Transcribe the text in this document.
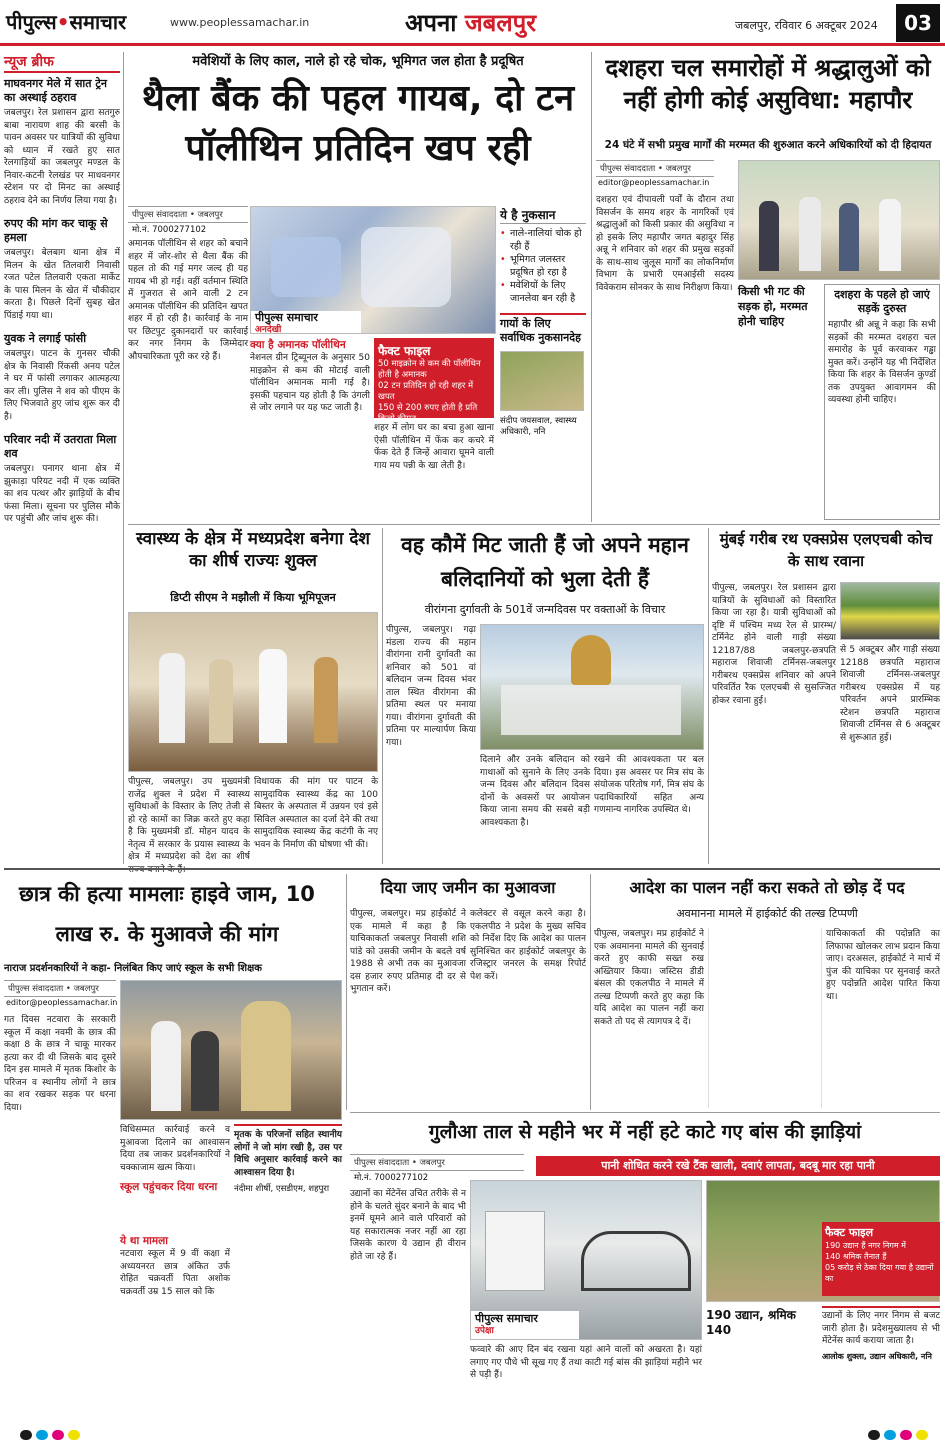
पीपुल्स•समाचार	www.peoplessamachar.in	अपना जबलपुर	जबलपुर, रविवार 6 अक्टूबर 2024	03
न्यूज ब्रीफ
माघवनगर मेले में सात ट्रेन का अस्थाई ठहराव
जबलपुर। रेल प्रशासन द्वारा सतगुरु बाबा नारायण शाह की बरसी के पावन अवसर पर यात्रियों की सुविधा को ध्यान में रखते हुए सात रेलगाड़ियों का जबलपुर मण्डल के निवार-कटनी रेलखंड पर माधवनगर स्टेशन पर दो मिनट का अस्थाई ठहराव देने का निर्णय लिया गया है।
रुपए की मांग कर चाकू से हमला
जबलपुर। बेलबाग थाना क्षेत्र में मिलन के खेत तिलवारी निवासी रजत पटेल तिलवारी एकता मार्केट के पास मिलन के खेत में चौकीदार करता है। पिछले दिनों सुबह खेत पिंडाई गया था।
युवक ने लगाई फांसी
जबलपुर। पाटन के गुनसर चौकी क्षेत्र के निवासी रिंकसी अनय पटेल ने घर में फांसी लगाकर आत्महत्या कर ली। पुलिस ने शव को पीएम के लिए भिजवाते हुए जांच शुरू कर दी है।
परिवार नदी में उतराता मिला शव
जबलपुर। पनागर थाना क्षेत्र में झुकाड़ा परियट नदी में एक व्यक्ति का शव पत्थर और झाड़ियों के बीच फंसा मिला। सूचना पर पुलिस मौके पर पहुंची और जांच शुरू की।
मवेशियों के लिए काल, नाले हो रहे चोक, भूमिगत जल होता है प्रदूषित
थैला बैंक की पहल गायब, दो टन पॉलीथिन प्रतिदिन खप रही
पीपुल्स संवाददाता • जबलपुर
मो.नं. 7000277102
पीपुल्स समाचार
अनदेखी
अमानक पॉलीथिन से शहर को बचाने शहर में जोर-शोर से थैला बैंक की पहल तो की गई मगर जल्द ही यह गायब भी हो गई। वहीं वर्तमान स्थिति में गुजरात से आने वाली 2 टन अमानक पॉलीथिन की प्रतिदिन खपत शहर में हो रही है। कार्रवाई के नाम पर छिटपुट दुकानदारों पर कार्रवाई कर नगर निगम के जिम्मेदार औपचारिकता पूरी कर रहे हैं।
क्या है अमानक पॉलीथिन
नेशनल ग्रीन ट्रिब्यूनल के अनुसार 50 माइक्रोन से कम की मोटाई वाली पॉलीथिन अमानक मानी गई है। इसकी पहचान यह होती है कि उंगली से जोर लगाने पर यह फट जाती है।
फैक्ट फाइल
50 माइक्रोन से कम की पॉलीथिन होती है अमानक
02 टन प्रतिदिन हो रही शहर में खपत
150 से 200 रुपए होती है प्रति किलो कीमत
शहर में लोग घर का बचा हुआ खाना ऐसी पॉलीथिन में फेंक कर कचरे में फेंक देते हैं जिन्हें आवारा घूमने वाली गाय मय पन्नी के खा लेती है।
ये है नुकसान
• नाले-नालियां चोक हो रही हैं
• भूमिगत जलस्तर प्रदूषित हो रहा है
• मवेशियों के लिए जानलेवा बन रही है
गायों के लिए सर्वाधिक नुकसानदेह
संदीप जयसवाल, स्वास्थ्य अधिकारी, ननि
दशहरा चल समारोहों में श्रद्धालुओं को नहीं होगी कोई असुविधा: महापौर
24 घंटे में सभी प्रमुख मार्गों की मरम्मत की शुरुआत करने अधिकारियों को दी हिदायत
पीपुल्स संवाददाता • जबलपुर
editor@peoplessamachar.in
दशहरा एवं दीपावली पर्वों के दौरान तथा विसर्जन के समय शहर के नागरिकों एवं श्रद्धालुओं को किसी प्रकार की असुविधा न हो इसके लिए महापौर जगत बहादुर सिंह अन्नू ने शनिवार को शहर की प्रमुख सड़कों के साथ-साथ जुलूस मार्गों का लोकनिर्माण विभाग के प्रभारी एमआईसी सदस्य विवेकराम सोनकर के साथ निरीक्षण किया। किसी भी गट की सड़क हो, मरम्मत होनी चाहिए
दशहरा के पहले हो जाएं सड़कें दुरुस्त
महापौर श्री अन्नू ने कहा कि सभी सड़कों की मरम्मत दशहरा चल समारोह के पूर्व करवाकर गड्ढा मुक्त करें। उन्होंने यह भी निर्देशित किया कि शहर के विसर्जन कुण्डों तक उपयुक्त आवागमन की व्यवस्था होनी चाहिए।
स्वास्थ्य के क्षेत्र में मध्यप्रदेश बनेगा देश का शीर्ष राज्यः शुक्ल
डिप्टी सीएम ने मझौली में किया भूमिपूजन
पीपुल्स, जबलपुर। उप मुख्यमंत्री राजेंद्र शुक्ल ने प्रदेश में स्वास्थ्य सुविधाओं के विस्तार के लिए तेजी से हो रहे कामों का जिक्र करते हुए कहा है कि मुख्यमंत्री डॉ. मोहन यादव के नेतृत्व में सरकार के प्रयास स्वास्थ्य के क्षेत्र में मध्यप्रदेश को देश का शीर्ष
विधायक की मांग पर पाटन के सामुदायिक स्वास्थ्य केंद्र का 100 बिस्तर के अस्पताल में उन्नयन एवं इसे सिविल अस्पताल का दर्जा देने की तथा सामुदायिक स्वास्थ्य केंद्र कटंगी के नए भवन के निर्माण की घोषणा भी की।
वह कौमें मिट जाती हैं जो अपने महान बलिदानियों को भुला देती हैं
वीरांगना दुर्गावती के 501वें जन्मदिवस पर वक्ताओं के विचार
पीपुल्स, जबलपुर। गढ़ा मंडला राज्य की महान वीरांगना रानी दुर्गावती का शनिवार को 501 वां बलिदान जन्म दिवस भंवर ताल स्थित वीरांगना की प्रतिमा स्थल पर मनाया गया। वीरांगना दुर्गावती की प्रतिमा पर माल्यार्पण किया गया।
दिलाने और उनके बलिदान को गाथाओं को सुनाने के लिए उनके जन्म दिवस और बलिदान दिवस दोनों के अवसरों पर आयोजन किया जाना समय की सबसे बड़ी आवश्यकता है।
रखने की आवश्यकता पर बल दिया। इस अवसर पर मित्र संघ के संयोजक परितोष गर्ग, मित्र संघ के पदाधिकारियों सहित अन्य गणमान्य नागरिक उपस्थित थे।
मुंबई गरीब रथ एक्सप्रेस एलएचबी कोच के साथ रवाना
पीपुल्स, जबलपुर। रेल प्रशासन द्वारा यात्रियों के सुविधाओं को विस्तारित किया जा रहा है। यात्री सुविधाओं को दृष्टि में पश्चिम मध्य रेल से प्रारम्भ/टर्मिनेट होने वाली गाड़ी संख्या 12187/88 जबलपुर-छत्रपति महाराज शिवाजी टर्मिनस-जबलपुर गरीबरथ एक्सप्रेस शनिवार को अपने परिवर्तित रैक एलएचबी से सुसज्जित होकर रवाना हुई।
से 5 अक्टूबर और गाड़ी संख्या 12188 छत्रपति महाराज शिवाजी टर्मिनस-जबलपुर गरीबरथ एक्सप्रेस में यह परिवर्तन अपने प्रारम्भिक स्टेशन छत्रपति महाराज शिवाजी टर्मिनस से 6 अक्टूबर से शुरूआत हुई।
छात्र की हत्या मामलाः हाइवे जाम, 10 लाख रु. के मुआवजे की मांग
नाराज प्रदर्शनकारियों ने कहा- निलंबित किए जाएं स्कूल के सभी शिक्षक
पीपुल्स संवाददाता • जबलपुर
editor@peoplessamachar.in
गत दिवस नटवारा के सरकारी स्कूल में कक्षा नवमी के छात्र की कक्षा 8 के छात्र ने चाकू मारकर हत्या कर दी थी जिसके बाद दूसरे दिन इस मामले में मृतक किशोर के परिजन व स्थानीय लोगों ने छात्र का शव रखकर सड़क पर धरना दिया।
विधिसम्मत कार्रवाई करने व मुआवजा दिलाने का आश्वासन दिया तब जाकर प्रदर्शनकारियों ने चक्काजाम खत्म किया।
स्कूल पहुंचकर दिया धरना
ये था मामला
नटवारा स्कूल में 9 वीं कक्षा में अध्ययनरत छात्र अंकित उर्फ रोहित चक्रवर्ती पिता अशोक चक्रवर्ती उम्र 15 साल को कि
मृतक के परिजनों सहित स्थानीय लोगों ने जो मांग रखी है, उस पर विधि अनुसार कार्रवाई करने का आश्वासन दिया है।
नंदीमा शीर्षी, एसडीएम, शहपुरा
दिया जाए जमीन का मुआवजा
पीपुल्स, जबलपुर। मप्र हाईकोर्ट ने एक मामले में कहा है कि याचिकाकर्ता जबलपुर निवासी शशि पांडे को उसकी जमीन के बदले वर्ष 1988 से अभी तक का मुआवजा दस हजार रुपए प्रतिमाह दी दर से भुगतान करें।
कलेक्टर से वसूल करने कहा है। एकलपीठ ने प्रदेश के मुख्य सचिव को निर्देश दिए कि आदेश का पालन सुनिश्चित कर हाईकोर्ट जबलपुर के रजिस्ट्रार जनरल के समक्ष रिपोर्ट पेश करें।
आदेश का पालन नहीं करा सकते तो छोड़ दें पद
अवमानना मामले में हाईकोर्ट की तल्ख टिप्पणी
पीपुल्स, जबलपुर। मप्र हाईकोर्ट ने एक अवमानना मामले की सुनवाई करते हुए काफी सख्त रुख अख्तियार किया। जस्टिस डीडी बंसल की एकलपीठ ने मामले में तल्ख टिप्पणी करते हुए कहा कि यदि आदेश का पालन नहीं करा सकते तो पद से त्यागपत्र दे दें।
याचिकाकर्ता की पदोन्नति का लिफाफा खोलकर लाभ प्रदान किया जाए। दरअसल, हाईकोर्ट ने मार्च में पुंज की याचिका पर सुनवाई करते हुए पदोन्नति आदेश पारित किया था।
गुलौआ ताल से महीने भर में नहीं हटे काटे गए बांस की झाड़ियां
पीपुल्स संवाददाता • जबलपुर
मो.नं. 7000277102
पानी शोधित करने रखे टैंक खाली, दवाएं लापता, बदबू मार रहा पानी
उद्यानों का मेंटेनेंस उचित तरीके से न होने के चलते सुंदर बनाने के बाद भी इनमें घूमने आने वाले परिवारों को यह सकारात्मक नजर नहीं आ रहा जिसके कारण ये उद्यान ही वीरान होते जा रहे हैं।
पीपुल्स समाचार
उपेक्षा
फव्वारे की आए दिन बंद रखना यहां आने वालों को अखरता है। यहां लगाए गए पौधे भी सूख गए हैं तथा काटी गई बांस की झाड़ियां महीने भर से पड़ी हैं।
190 उद्यान, श्रमिक 140
फैक्ट फाइल
190 उद्यान हैं नगर निगम में
140 श्रमिक तैनात हैं
05 करोड़ से ठेका दिया गया है उद्यानों का
उद्यानों के लिए नगर निगम से बजट जारी होता है। प्रदेशमुख्यालय से भी मेंटेनेंस कार्य कराया जाता है।
आलोक शुक्ला, उद्यान अधिकारी, ननि
